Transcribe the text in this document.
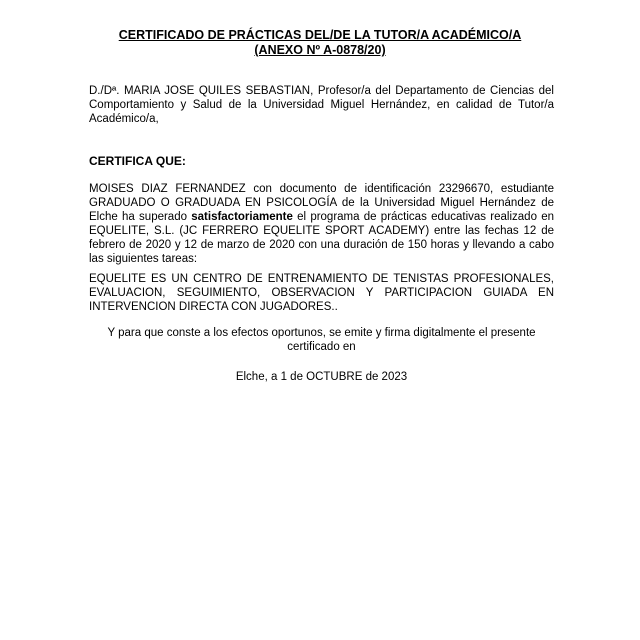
CERTIFICADO DE PRÁCTICAS DEL/DE LA TUTOR/A ACADÉMICO/A
(ANEXO Nº A-0878/20)
D./Dª. MARIA JOSE QUILES SEBASTIAN, Profesor/a del Departamento de Ciencias del Comportamiento y Salud de la Universidad Miguel Hernández, en calidad de Tutor/a Académico/a,
CERTIFICA QUE:
MOISES DIAZ FERNANDEZ con documento de identificación 23296670, estudiante GRADUADO O GRADUADA EN PSICOLOGÍA de la Universidad Miguel Hernández de Elche ha superado satisfactoriamente el programa de prácticas educativas realizado en EQUELITE, S.L. (JC FERRERO EQUELITE SPORT ACADEMY) entre las fechas 12 de febrero de 2020 y 12 de marzo de 2020 con una duración de 150 horas y llevando a cabo las siguientes tareas:
EQUELITE ES UN CENTRO DE ENTRENAMIENTO DE TENISTAS PROFESIONALES, EVALUACION, SEGUIMIENTO, OBSERVACION Y PARTICIPACION GUIADA EN INTERVENCION DIRECTA CON JUGADORES..
Y para que conste a los efectos oportunos, se emite y firma digitalmente el presente
certificado en
Elche, a 1 de OCTUBRE de 2023
